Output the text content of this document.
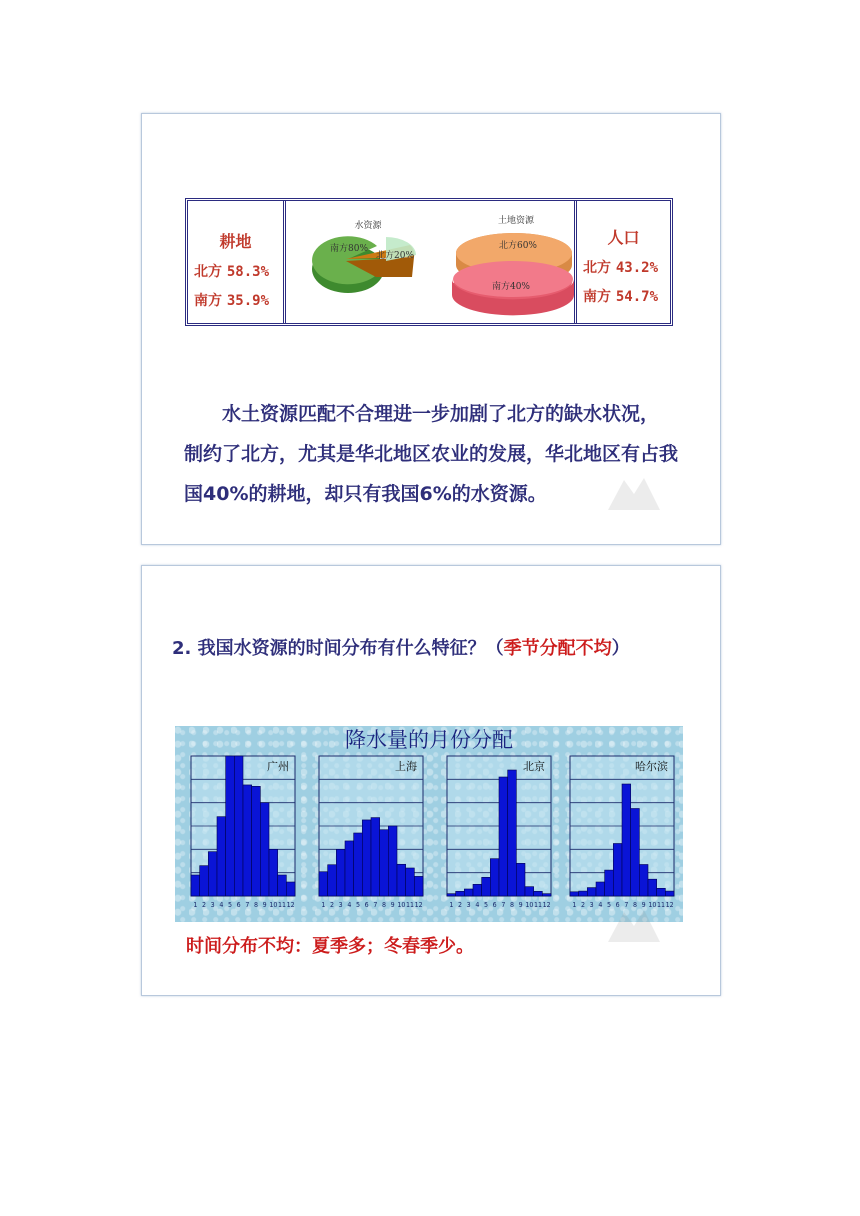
耕地
北方 58.3%
南方 35.9%
水资源
南方80%
北方20%
土地资源
北方60%
南方40%
人口
北方 43.2%
南方 54.7%
　　水土资源匹配不合理进一步加剧了北方的缺水状况，
制约了北方，尤其是华北地区农业的发展，华北地区有占我
国40%的耕地，却只有我国6%的水资源。
2. 我国水资源的时间分布有什么特征？（季节分配不均）
降水量的月份分配
1 2 3 4 5 6 7 8 9 10 11 12
广州
1 2 3 4 5 6 7 8 9 10 11 12
上海
1 2 3 4 5 6 7 8 9 10 11 12
北京
1 2 3 4 5 6 7 8 9 10 11 12
哈尔滨
时间分布不均：夏季多；冬春季少。
